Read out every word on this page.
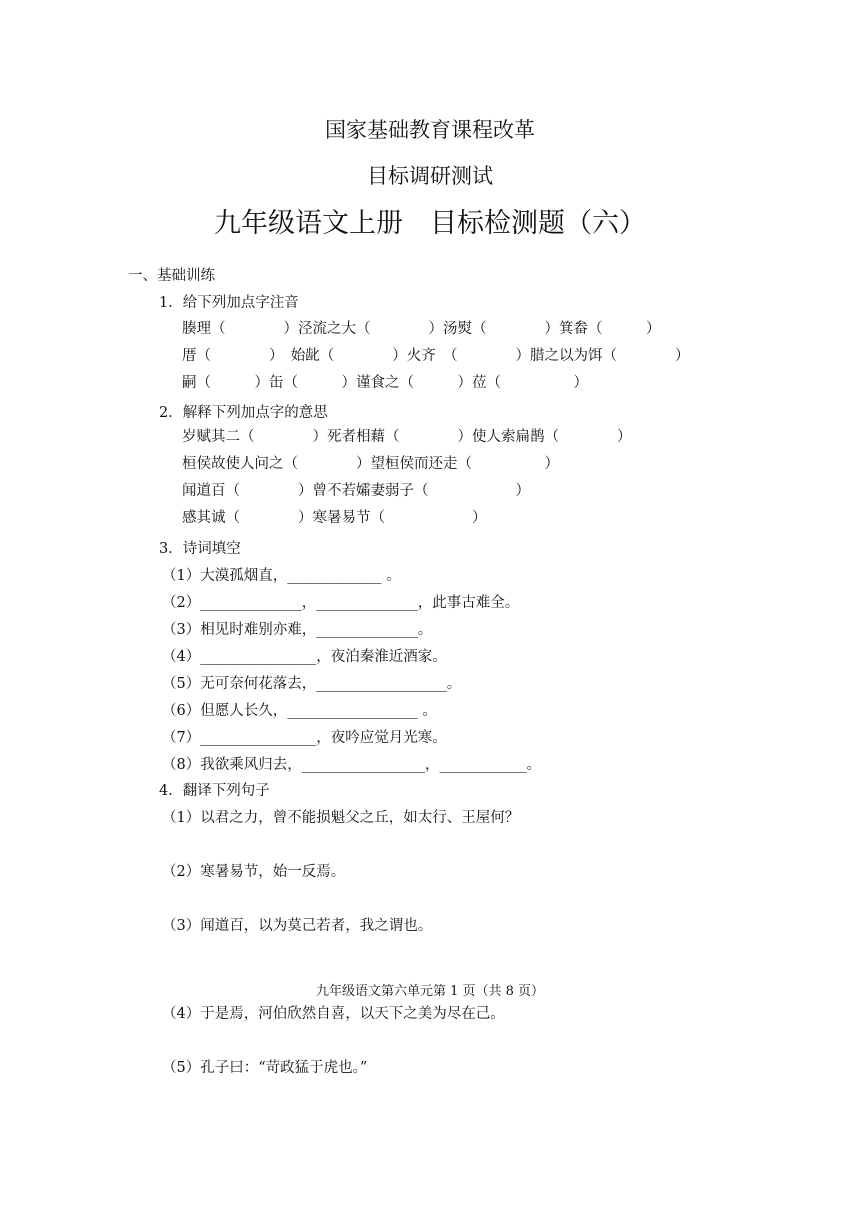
国家基础教育课程改革
目标调研测试
九年级语文上册　目标检测题（六）
一、基础训练
1．给下列加点字注音
腠理（　　　　）泾流之大（　　　　）汤熨（　　　　）箕畚（　　　）
厝（　　　　）　始龀（　　　　）火齐　（　　　　）腊之以为饵（　　　　）
嗣（　　　）缶（　　　）谨食之（　　　）莅（　　　　　）
2．解释下列加点字的意思
岁赋其二（　　　　）死者相藉（　　　　）使人索扁鹊（　　　　）
桓侯故使人问之（　　　　）望桓侯而还走（　　　　　）
闻道百（　　　　）曾不若孀妻弱子（　　　　　　）
感其诚（　　　　）寒暑易节（　　　　　　）
3．诗词填空
（1）大漠孤烟直，_____________ 。
（2）______________，______________，此事古难全。
（3）相见时难别亦难，______________。
（4）________________，夜泊秦淮近酒家。
（5）无可奈何花落去，__________________。
（6）但愿人长久，__________________ 。
（7）________________，夜吟应觉月光寒。
（8）我欲乘风归去，_________________，____________。
4．翻译下列句子
（1）以君之力，曾不能损魁父之丘，如太行、王屋何？
（2）寒暑易节，始一反焉。
（3）闻道百，以为莫己若者，我之谓也。
九年级语文第六单元第 1 页（共 8 页）
（4）于是焉，河伯欣然自喜，以天下之美为尽在己。
（5）孔子曰：“苛政猛于虎也。”
